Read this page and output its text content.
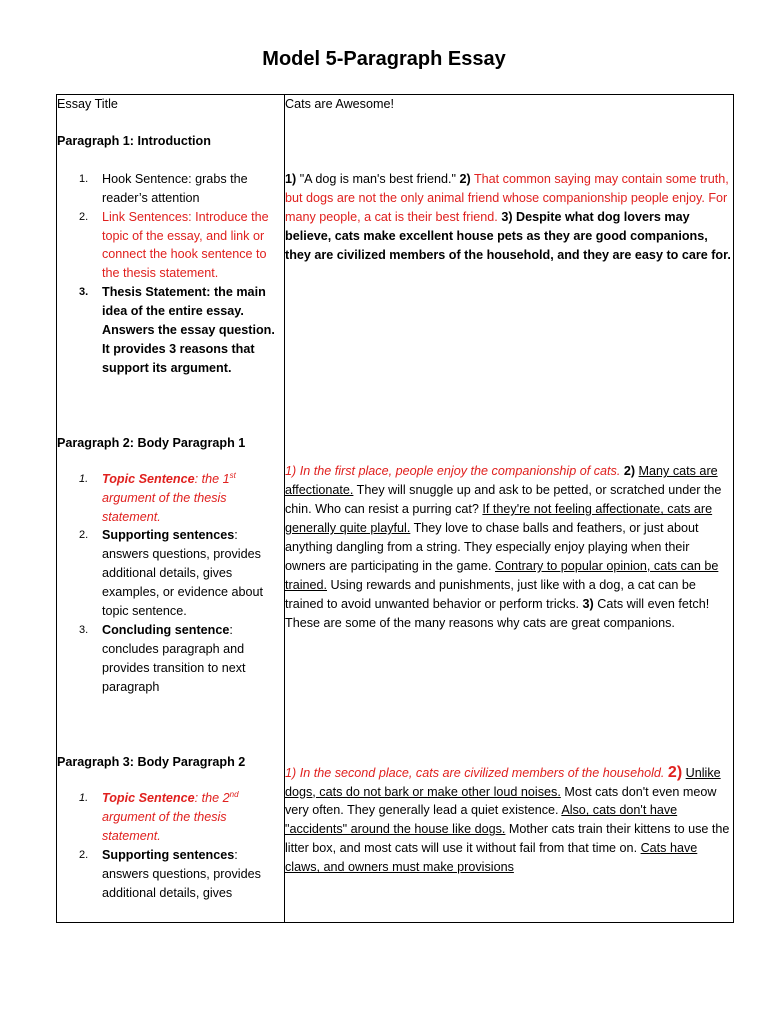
Model 5-Paragraph Essay

Essay Title

Paragraph 1: Introduction

1. Hook Sentence: grabs the reader’s attention
2. Link Sentences: Introduce the topic of the essay, and link or connect the hook sentence to the thesis statement.
3. Thesis Statement: the main idea of the entire essay. Answers the essay question. It provides 3 reasons that support its argument.

Paragraph 2: Body Paragraph 1

1. Topic Sentence: the 1st argument of the thesis statement.
2. Supporting sentences: answers questions, provides additional details, gives examples, or evidence about topic sentence.
3. Concluding sentence: concludes paragraph and provides transition to next paragraph

Paragraph 3: Body Paragraph 2

1. Topic Sentence: the 2nd argument of the thesis statement.
2. Supporting sentences: answers questions, provides additional details, gives

Cats are Awesome!

1) "A dog is man's best friend." 2) That common saying may contain some truth, but dogs are not the only animal friend whose companionship people enjoy. For many people, a cat is their best friend. 3) Despite what dog lovers may believe, cats make excellent house pets as they are good companions, they are civilized members of the household, and they are easy to care for.

1) In the first place, people enjoy the companionship of cats. 2) Many cats are affectionate. They will snuggle up and ask to be petted, or scratched under the chin. Who can resist a purring cat? If they're not feeling affectionate, cats are generally quite playful. They love to chase balls and feathers, or just about anything dangling from a string. They especially enjoy playing when their owners are participating in the game. Contrary to popular opinion, cats can be trained. Using rewards and punishments, just like with a dog, a cat can be trained to avoid unwanted behavior or perform tricks. 3) Cats will even fetch! These are some of the many reasons why cats are great companions.

1) In the second place, cats are civilized members of the household. 2) Unlike dogs, cats do not bark or make other loud noises. Most cats don't even meow very often. They generally lead a quiet existence. Also, cats don't have "accidents" around the house like dogs. Mother cats train their kittens to use the litter box, and most cats will use it without fail from that time on. Cats have claws, and owners must make provisions
